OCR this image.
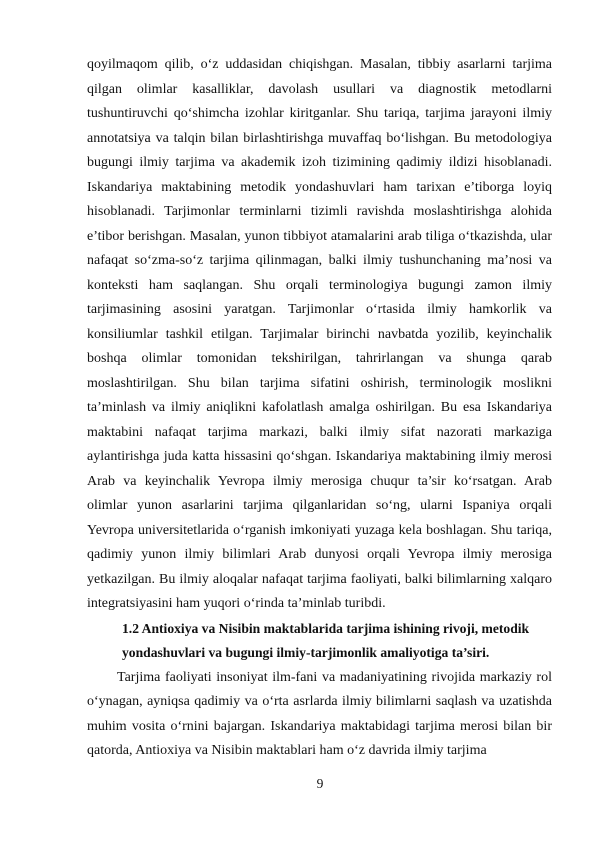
qoyilmaqom qilib, o‘z uddasidan chiqishgan. Masalan, tibbiy asarlarni tarjima qilgan olimlar kasalliklar, davolash usullari va diagnostik metodlarni tushuntiruvchi qo‘shimcha izohlar kiritganlar. Shu tariqa, tarjima jarayoni ilmiy annotatsiya va talqin bilan birlashtirishga muvaffaq bo‘lishgan. Bu metodologiya bugungi ilmiy tarjima va akademik izoh tizimining qadimiy ildizi hisoblanadi. Iskandariya maktabining metodik yondashuvlari ham tarixan e’tiborga loyiq hisoblanadi. Tarjimonlar terminlarni tizimli ravishda moslashtirishga alohida e’tibor berishgan. Masalan, yunon tibbiyot atamalarini arab tiliga o‘tkazishda, ular nafaqat so‘zma-so‘z tarjima qilinmagan, balki ilmiy tushunchaning ma’nosi va konteksti ham saqlangan. Shu orqali terminologiya bugungi zamon ilmiy tarjimasining asosini yaratgan. Tarjimonlar o‘rtasida ilmiy hamkorlik va konsiliumlar tashkil etilgan. Tarjimalar birinchi navbatda yozilib, keyinchalik boshqa olimlar tomonidan tekshirilgan, tahrirlangan va shunga qarab moslashtirilgan. Shu bilan tarjima sifatini oshirish, terminologik moslikni ta’minlash va ilmiy aniqlikni kafolatlash amalga oshirilgan. Bu esa Iskandariya maktabini nafaqat tarjima markazi, balki ilmiy sifat nazorati markaziga aylantirishga juda katta hissasini qo‘shgan. Iskandariya maktabining ilmiy merosi Arab va keyinchalik Yevropa ilmiy merosiga chuqur ta’sir ko‘rsatgan. Arab olimlar yunon asarlarini tarjima qilganlaridan so‘ng, ularni Ispaniya orqali Yevropa universitetlarida o‘rganish imkoniyati yuzaga kela boshlagan. Shu tariqa, qadimiy yunon ilmiy bilimlari Arab dunyosi orqali Yevropa ilmiy merosiga yetkazilgan. Bu ilmiy aloqalar nafaqat tarjima faoliyati, balki bilimlarning xalqaro integratsiyasini ham yuqori o‘rinda ta’minlab turibdi.

1.2 Antioxiya va Nisibin maktablarida tarjima ishining rivoji, metodik yondashuvlari va bugungi ilmiy-tarjimonlik amaliyotiga ta’siri.

Tarjima faoliyati insoniyat ilm-fani va madaniyatining rivojida markaziy rol o‘ynagan, ayniqsa qadimiy va o‘rta asrlarda ilmiy bilimlarni saqlash va uzatishda muhim vosita o‘rnini bajargan. Iskandariya maktabidagi tarjima merosi bilan bir qatorda, Antioxiya va Nisibin maktablari ham o‘z davrida ilmiy tarjima

9
